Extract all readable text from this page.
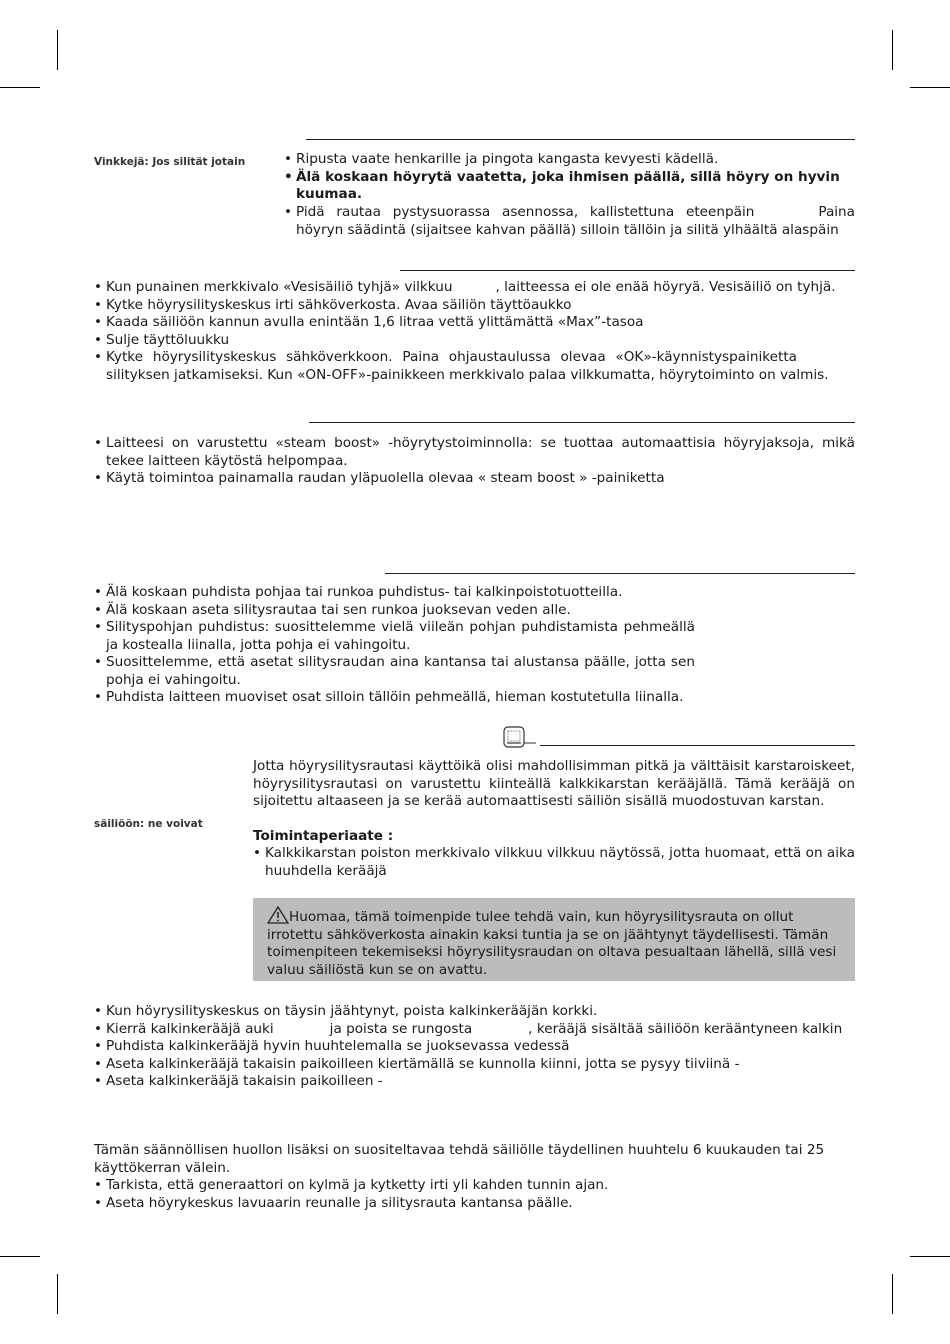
Vinkkejä: Jos silität jotain
•	Ripusta vaate henkarille ja pingota kangasta kevyesti kädellä.
• Älä koskaan höyrytä vaatetta, joka ihmisen päällä, sillä höyry on hyvin kuumaa.
• Pidä rautaa pystysuorassa asennossa, kallistettuna eteenpäin	Paina höyryn säädintä (sijaitsee kahvan päällä) silloin tällöin ja silitä ylhäältä alaspäin
• Kun punainen merkkivalo «Vesisäiliö tyhjä» vilkkuu	, laitteessa ei ole enää höyryä. Vesisäiliö on tyhjä.
• Kytke höyrysilityskeskus irti sähköverkosta. Avaa säiliön täyttöaukko
• Kaada säiliöön kannun avulla enintään 1,6 litraa vettä ylittämättä «Max”-tasoa
• Sulje täyttöluukku
• Kytke höyrysilityskeskus sähköverkkoon. Paina ohjaustaulussa olevaa «OK»-käynnistyspainikettasilityksen jatkamiseksi. Kun «ON-OFF»-painikkeen merkkivalo palaa vilkkumatta, höyrytoiminto on valmis.
• Laitteesi on varustettu «steam boost» -höyrytystoiminnolla: se tuottaa automaattisia höyryjaksoja, mikä tekee laitteen käytöstä helpompaa.
• Käytä toimintoa painamalla raudan yläpuolella olevaa « steam boost » -painiketta
• Älä koskaan puhdista pohjaa tai runkoa puhdistus- tai kalkinpoistotuotteilla.
• Älä koskaan aseta silitysrautaa tai sen runkoa juoksevan veden alle.
• Silityspohjan puhdistus: suosittelemme vielä viileän pohjan puhdistamista pehmeällä ja kostealla liinalla, jotta pohja ei vahingoitu.
• Suosittelemme, että asetat silitysraudan aina kantansa tai alustansa päälle, jotta sen pohja ei vahingoitu.
• Puhdista laitteen muoviset osat silloin tällöin pehmeällä, hieman kostutetulla liinalla.

Jotta höyrysilitysrautasi käyttöikä olisi mahdollisimman pitkä ja välttäisit karstaroiskeet, höyrysilitysrautasi on varustettu kiinteällä kalkkikarstan kerääjällä. Tämä kerääjä on sijoitettu altaaseen ja se kerää automaattisesti säiliön sisällä muodostuvan karstan.

säiliöön: ne voivat

Toimintaperiaate :

• Kalkkikarstan poiston merkkivalo vilkkuu vilkkuu näytössä, jotta huomaat, että on aika huuhdella kerääjä
Huomaa, tämä toimenpide tulee tehdä vain, kun höyrysilitysrauta on ollut irrotettu sähköverkosta ainakin kaksi tuntia ja se on jäähtynyt täydellisesti. Tämän toimenpiteen tekemiseksi höyrysilitysraudan on oltava pesualtaan lähellä, sillä vesi valuu säiliöstä kun se on avattu.
• Kun höyrysilityskeskus on täysin jäähtynyt, poista kalkinkerääjän korkki.
• Kierrä kalkinkerääjä auki	ja poista se rungosta	, kerääjä sisältää säiliöön kerääntyneen kalkin
• Puhdista kalkinkerääjä hyvin huuhtelemalla se juoksevassa vedessä
• Aseta kalkinkerääjä takaisin paikoilleen kiertämällä se kunnolla kiinni, jotta se pysyy tiiviinä -
• Aseta kalkinkerääjä takaisin paikoilleen -

Tämän säännöllisen huollon lisäksi on suositeltavaa tehdä säiliölle täydellinen huuhtelu 6 kuukauden tai 25 käyttökerran välein.

• Tarkista, että generaattori on kylmä ja kytketty irti yli kahden tunnin ajan.
• Aseta höyrykeskus lavuaarin reunalle ja silitysrauta kantansa päälle.
